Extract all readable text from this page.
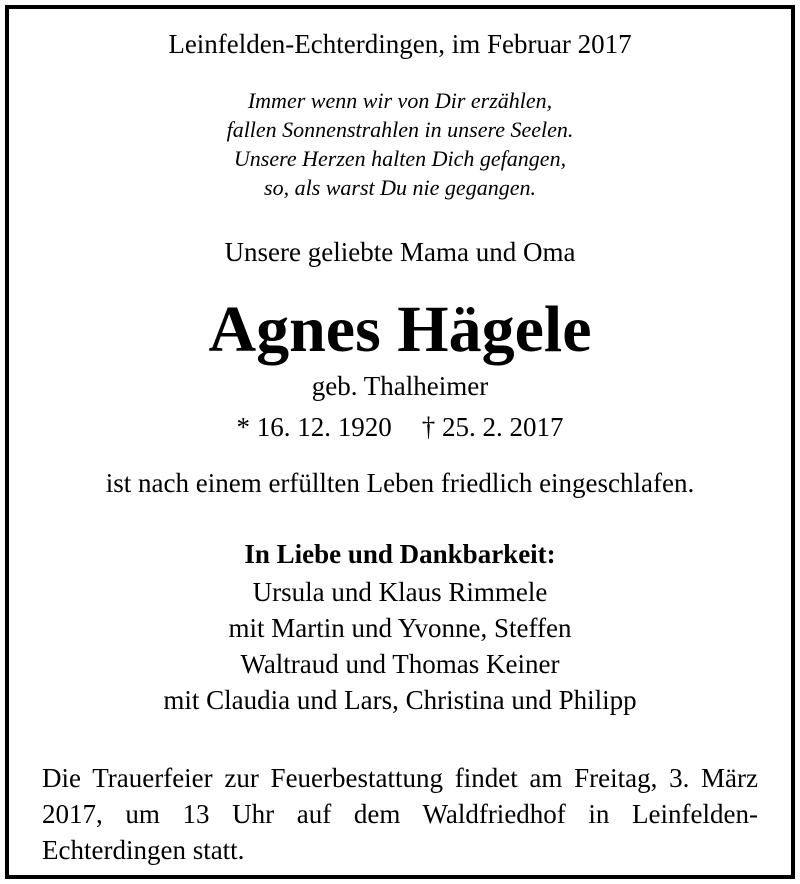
Leinfelden-Echterdingen, im Februar 2017
Immer wenn wir von Dir erzählen,
fallen Sonnenstrahlen in unsere Seelen.
Unsere Herzen halten Dich gefangen,
so, als warst Du nie gegangen.
Unsere geliebte Mama und Oma
Agnes Hägele
geb. Thalheimer
* 16. 12. 1920 † 25. 2. 2017
ist nach einem erfüllten Leben friedlich eingeschlafen.
In Liebe und Dankbarkeit:
Ursula und Klaus Rimmele
mit Martin und Yvonne, Steffen
Waltraud und Thomas Keiner
mit Claudia und Lars, Christina und Philipp
Die Trauerfeier zur Feuerbestattung findet am Freitag, 3. März 2017, um 13 Uhr auf dem Waldfriedhof in Leinfelden-Echterdingen statt.
